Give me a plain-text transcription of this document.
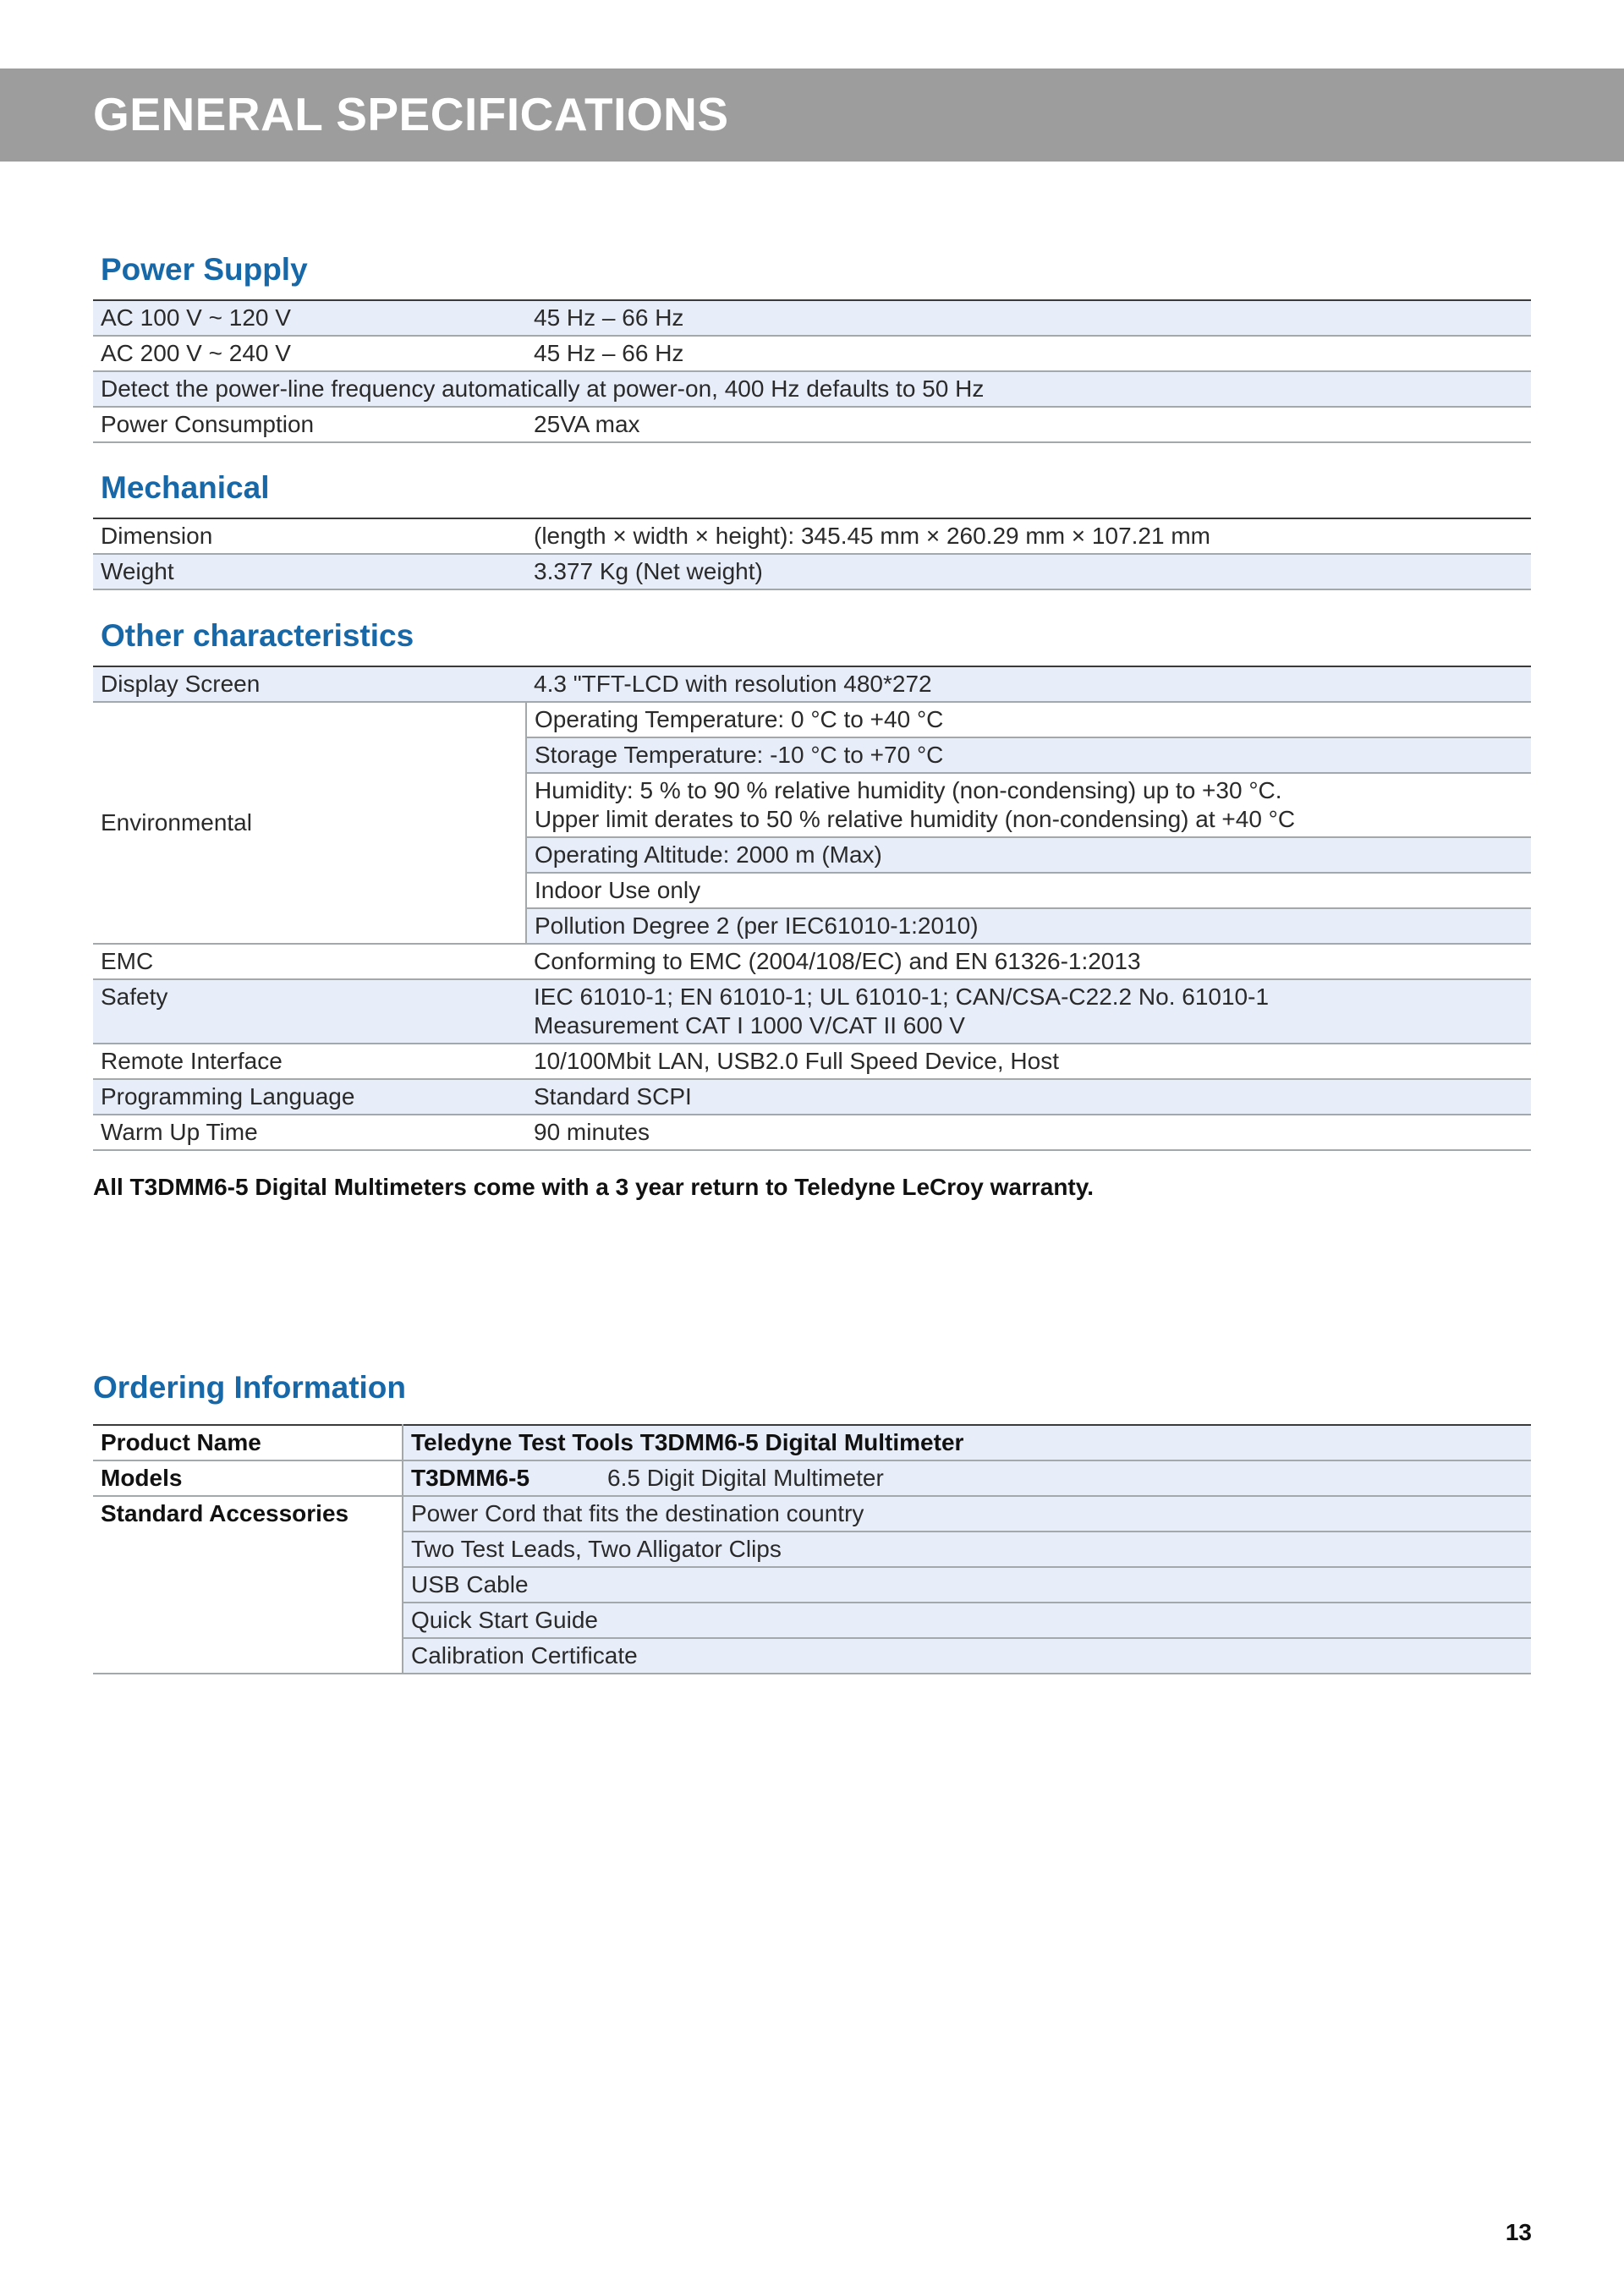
GENERAL SPECIFICATIONS
Power Supply
AC 100 V ~ 120 V	45 Hz – 66 Hz
AC 200 V ~ 240 V	45 Hz – 66 Hz
Detect the power-line frequency automatically at power-on, 400 Hz defaults to 50 Hz	
Power Consumption	25VA max
Mechanical
Dimension	(length × width × height): 345.45 mm × 260.29 mm × 107.21 mm
Weight	3.377 Kg (Net weight)
Other characteristics
Display Screen	4.3 "TFT-LCD with resolution 480*272
Environmental	Operating Temperature: 0 °C to +40 °C
	Storage Temperature: -10 °C to +70 °C

	Humidity: 5 % to 90 % relative humidity (non-condensing) up to +30 °C.
Upper limit derates to 50 % relative humidity (non-condensing) at +40 °C

	Operating Altitude: 2000 m (Max)
	Indoor Use only
	Pollution Degree 2 (per IEC61010-1:2010)
EMC	Conforming to EMC (2004/108/EC) and EN 61326-1:2013
Safety	IEC 61010-1; EN 61010-1; UL 61010-1; CAN/CSA-C22.2 No. 61010-1
Measurement CAT I 1000 V/CAT II 600 V

Remote Interface	10/100Mbit LAN, USB2.0 Full Speed Device, Host
Programming Language	Standard SCPI
Warm Up Time	90 minutes
All T3DMM6-5 Digital Multimeters come with a 3 year return to Teledyne LeCroy warranty.
Ordering Information
Product Name	Teledyne Test Tools T3DMM6-5 Digital Multimeter
Models	T3DMM6-5 6.5 Digit Digital Multimeter
Standard Accessories	Power Cord that fits the destination country
	Two Test Leads, Two Alligator Clips
	USB Cable
	Quick Start Guide
	Calibration Certificate
13
